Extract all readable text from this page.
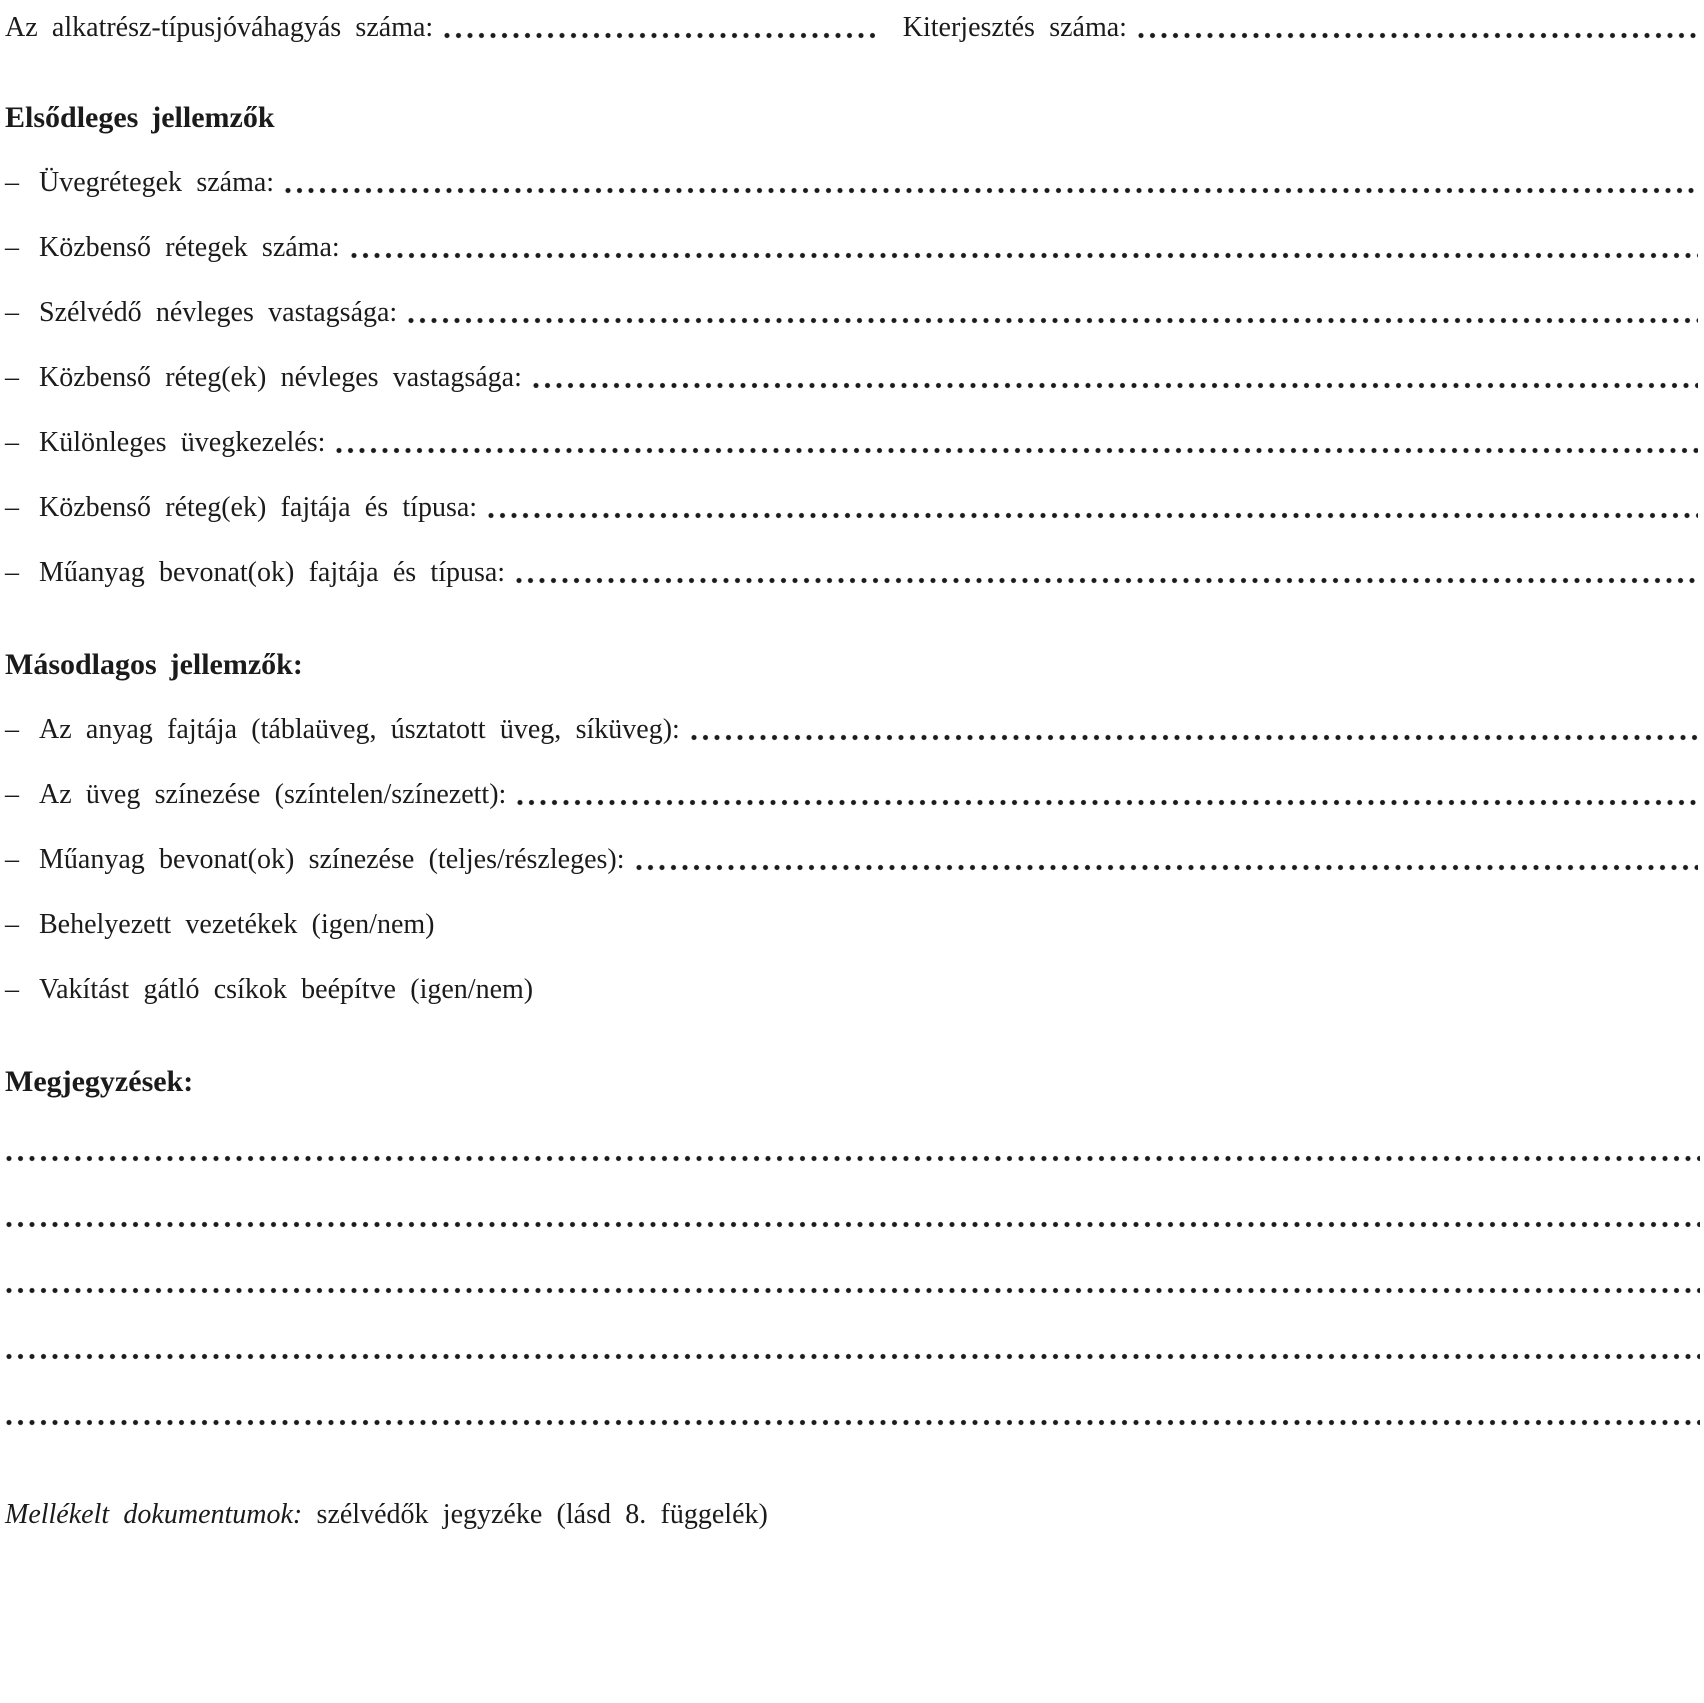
Az alkatrész-típusjóváhagyás száma:	Kiterjesztés száma:
Elsődleges jellemzők
– Üvegrétegek száma:
– Közbenső rétegek száma:
– Szélvédő névleges vastagsága:
– Közbenső réteg(ek) névleges vastagsága:
– Különleges üvegkezelés:
– Közbenső réteg(ek) fajtája és típusa:
– Műanyag bevonat(ok) fajtája és típusa:
Másodlagos jellemzők:
– Az anyag fajtája (táblaüveg, úsztatott üveg, síküveg):
– Az üveg színezése (színtelen/színezett):
– Műanyag bevonat(ok) színezése (teljes/részleges):
– Behelyezett vezetékek (igen/nem)
– Vakítást gátló csíkok beépítve (igen/nem)
Megjegyzések:
Mellékelt dokumentumok: szélvédők jegyzéke (lásd 8. függelék)
